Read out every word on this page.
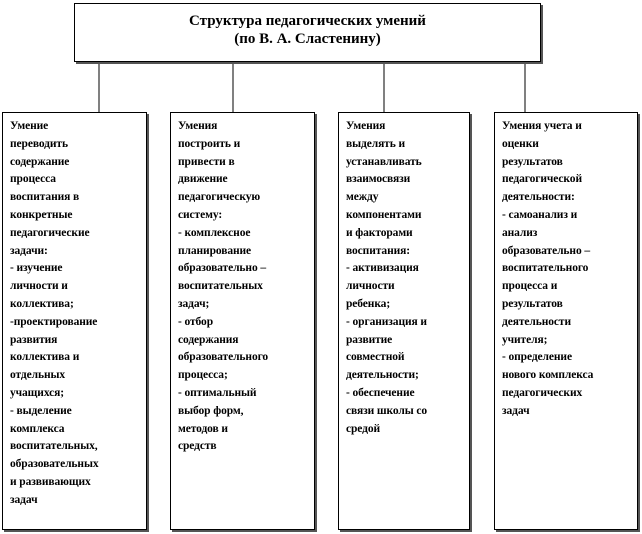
Структура педагогических умений
(по В. А. Сластенину)
Умение
переводить
содержание
процесса
воспитания в
конкретные
педагогические
задачи:
- изучение
личности и
коллектива;
-проектирование
развития
коллектива и
отдельных
учащихся;
- выделение
комплекса
воспитательных,
образовательных
и развивающих
задач
Умения
построить и
привести в
движение
педагогическую
систему:
- комплексное
планирование
образовательно –
воспитательных
задач;
- отбор
содержания
образовательного
процесса;
- оптимальный
выбор форм,
методов и
средств
Умения
выделять и
устанавливать
взаимосвязи
между
компонентами
и факторами
воспитания:
- активизация
личности
ребенка;
- организация и
развитие
совместной
деятельности;
- обеспечение
связи школы со
средой
Умения учета и
оценки
результатов
педагогической
деятельности:
- самоанализ и
анализ
образовательно –
воспитательного
процесса и
результатов
деятельности
учителя;
- определение
нового комплекса
педагогических
задач
